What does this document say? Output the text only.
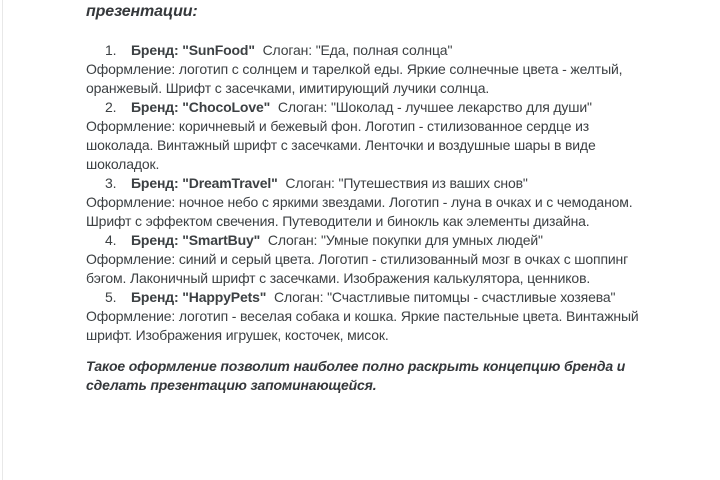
презентации:

1. Бренд: "SunFood" Слоган: "Еда, полная солнца"
Оформление: логотип с солнцем и тарелкой еды. Яркие солнечные цвета - желтый,
оранжевый. Шрифт с засечками, имитирующий лучики солнца.
2. Бренд: "ChocoLove" Слоган: "Шоколад - лучшее лекарство для души"
Оформление: коричневый и бежевый фон. Логотип - стилизованное сердце из
шоколада. Винтажный шрифт с засечками. Ленточки и воздушные шары в виде
шоколадок.
3. Бренд: "DreamTravel" Слоган: "Путешествия из ваших снов"
Оформление: ночное небо с яркими звездами. Логотип - луна в очках и с чемоданом.
Шрифт с эффектом свечения. Путеводители и бинокль как элементы дизайна.
4. Бренд: "SmartBuy" Слоган: "Умные покупки для умных людей"
Оформление: синий и серый цвета. Логотип - стилизованный мозг в очках с шоппинг
бэгом. Лаконичный шрифт с засечками. Изображения калькулятора, ценников.
5. Бренд: "HappyPets" Слоган: "Счастливые питомцы - счастливые хозяева"
Оформление: логотип - веселая собака и кошка. Яркие пастельные цвета. Винтажный
шрифт. Изображения игрушек, косточек, мисок.
Такое оформление позволит наиболее полно раскрыть концепцию бренда и
сделать презентацию запоминающейся.
